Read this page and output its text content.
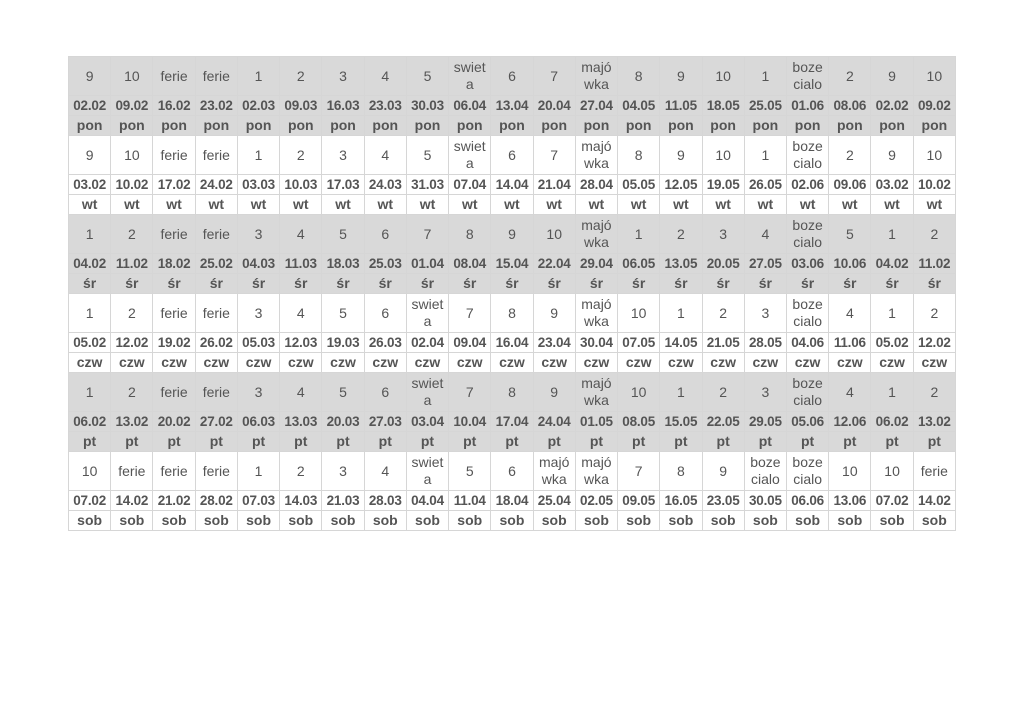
9	10	ferie	ferie	1	2	3	4	5	swiet a	6	7	majó wka	8	9	10	1	boze cialo	2	9	10
02.02	09.02	16.02	23.02	02.03	09.03	16.03	23.03	30.03	06.04	13.04	20.04	27.04	04.05	11.05	18.05	25.05	01.06	08.06	02.02	09.02
pon	pon	pon	pon	pon	pon	pon	pon	pon	pon	pon	pon	pon	pon	pon	pon	pon	pon	pon	pon	pon
9	10	ferie	ferie	1	2	3	4	5	swiet a	6	7	majó wka	8	9	10	1	boze cialo	2	9	10
03.02	10.02	17.02	24.02	03.03	10.03	17.03	24.03	31.03	07.04	14.04	21.04	28.04	05.05	12.05	19.05	26.05	02.06	09.06	03.02	10.02
wt	wt	wt	wt	wt	wt	wt	wt	wt	wt	wt	wt	wt	wt	wt	wt	wt	wt	wt	wt	wt
1	2	ferie	ferie	3	4	5	6	7	8	9	10	majó wka	1	2	3	4	boze cialo	5	1	2
04.02	11.02	18.02	25.02	04.03	11.03	18.03	25.03	01.04	08.04	15.04	22.04	29.04	06.05	13.05	20.05	27.05	03.06	10.06	04.02	11.02
śr	śr	śr	śr	śr	śr	śr	śr	śr	śr	śr	śr	śr	śr	śr	śr	śr	śr	śr	śr	śr
1	2	ferie	ferie	3	4	5	6	swiet a	7	8	9	majó wka	10	1	2	3	boze cialo	4	1	2
05.02	12.02	19.02	26.02	05.03	12.03	19.03	26.03	02.04	09.04	16.04	23.04	30.04	07.05	14.05	21.05	28.05	04.06	11.06	05.02	12.02
czw	czw	czw	czw	czw	czw	czw	czw	czw	czw	czw	czw	czw	czw	czw	czw	czw	czw	czw	czw	czw
1	2	ferie	ferie	3	4	5	6	swiet a	7	8	9	majó wka	10	1	2	3	boze cialo	4	1	2
06.02	13.02	20.02	27.02	06.03	13.03	20.03	27.03	03.04	10.04	17.04	24.04	01.05	08.05	15.05	22.05	29.05	05.06	12.06	06.02	13.02
pt	pt	pt	pt	pt	pt	pt	pt	pt	pt	pt	pt	pt	pt	pt	pt	pt	pt	pt	pt	pt
10	ferie	ferie	ferie	1	2	3	4	swiet a	5	6	majó wka	majó wka	7	8	9	boze cialo	boze cialo	10	10	ferie
07.02	14.02	21.02	28.02	07.03	14.03	21.03	28.03	04.04	11.04	18.04	25.04	02.05	09.05	16.05	23.05	30.05	06.06	13.06	07.02	14.02
sob	sob	sob	sob	sob	sob	sob	sob	sob	sob	sob	sob	sob	sob	sob	sob	sob	sob	sob	sob	sob
